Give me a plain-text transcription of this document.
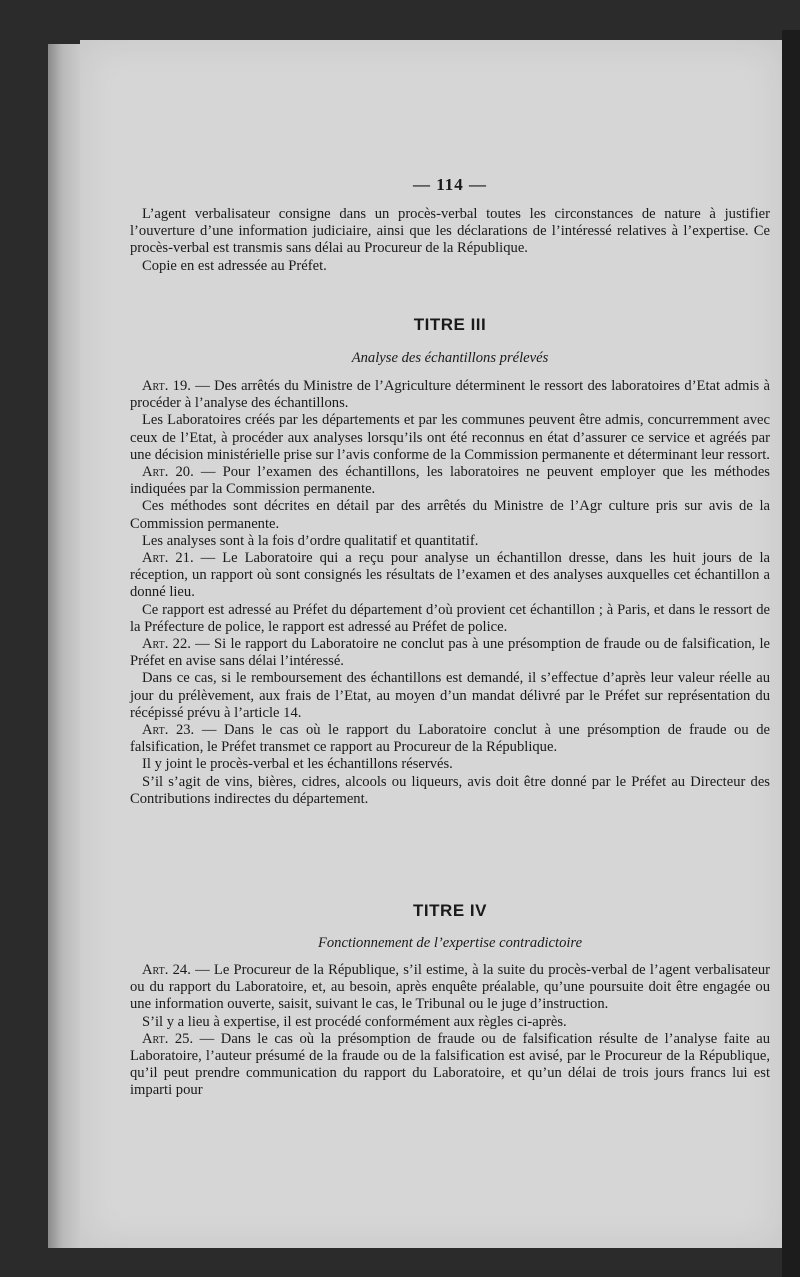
— 114 —

L’agent verbalisateur consigne dans un procès-verbal toutes les circonstances de nature à justifier l’ouverture d’une information judiciaire, ainsi que les déclarations de l’intéressé relatives à l’expertise. Ce procès-verbal est transmis sans délai au Procureur de la République.

Copie en est adressée au Préfet.

TITRE III
Analyse des échantillons prélevés

Art. 19. — Des arrêtés du Ministre de l’Agriculture déterminent le ressort des laboratoires d’Etat admis à procéder à l’analyse des échantillons.

Les Laboratoires créés par les départements et par les communes peuvent être admis, concurremment avec ceux de l’Etat, à procéder aux analyses lorsqu’ils ont été reconnus en état d’assurer ce service et agréés par une décision ministérielle prise sur l’avis conforme de la Commission permanente et déterminant leur ressort.

Art. 20. — Pour l’examen des échantillons, les laboratoires ne peuvent employer que les méthodes indiquées par la Commission permanente.

Ces méthodes sont décrites en détail par des arrêtés du Ministre de l’Agr culture pris sur avis de la Commission permanente.

Les analyses sont à la fois d’ordre qualitatif et quantitatif.

Art. 21. — Le Laboratoire qui a reçu pour analyse un échantillon dresse, dans les huit jours de la réception, un rapport où sont consignés les résultats de l’examen et des analyses auxquelles cet échantillon a donné lieu.

Ce rapport est adressé au Préfet du département d’où provient cet échantillon ; à Paris, et dans le ressort de la Préfecture de police, le rapport est adressé au Préfet de police.

Art. 22. — Si le rapport du Laboratoire ne conclut pas à une présomption de fraude ou de falsification, le Préfet en avise sans délai l’intéressé.

Dans ce cas, si le remboursement des échantillons est demandé, il s’effectue d’après leur valeur réelle au jour du prélèvement, aux frais de l’Etat, au moyen d’un mandat délivré par le Préfet sur représentation du récépissé prévu à l’article 14.

Art. 23. — Dans le cas où le rapport du Laboratoire conclut à une présomption de fraude ou de falsification, le Préfet transmet ce rapport au Procureur de la République.

Il y joint le procès-verbal et les échantillons réservés.

S’il s’agit de vins, bières, cidres, alcools ou liqueurs, avis doit être donné par le Préfet au Directeur des Contributions indirectes du département.

TITRE IV
Fonctionnement de l’expertise contradictoire

Art. 24. — Le Procureur de la République, s’il estime, à la suite du procès-verbal de l’agent verbalisateur ou du rapport du Laboratoire, et, au besoin, après enquête préalable, qu’une poursuite doit être engagée ou une information ouverte, saisit, suivant le cas, le Tribunal ou le juge d’instruction.

S’il y a lieu à expertise, il est procédé conformément aux règles ci-après.

Art. 25. — Dans le cas où la présomption de fraude ou de falsification résulte de l’analyse faite au Laboratoire, l’auteur présumé de la fraude ou de la falsification est avisé, par le Procureur de la République, qu’il peut prendre communication du rapport du Laboratoire, et qu’un délai de trois jours francs lui est imparti pour
